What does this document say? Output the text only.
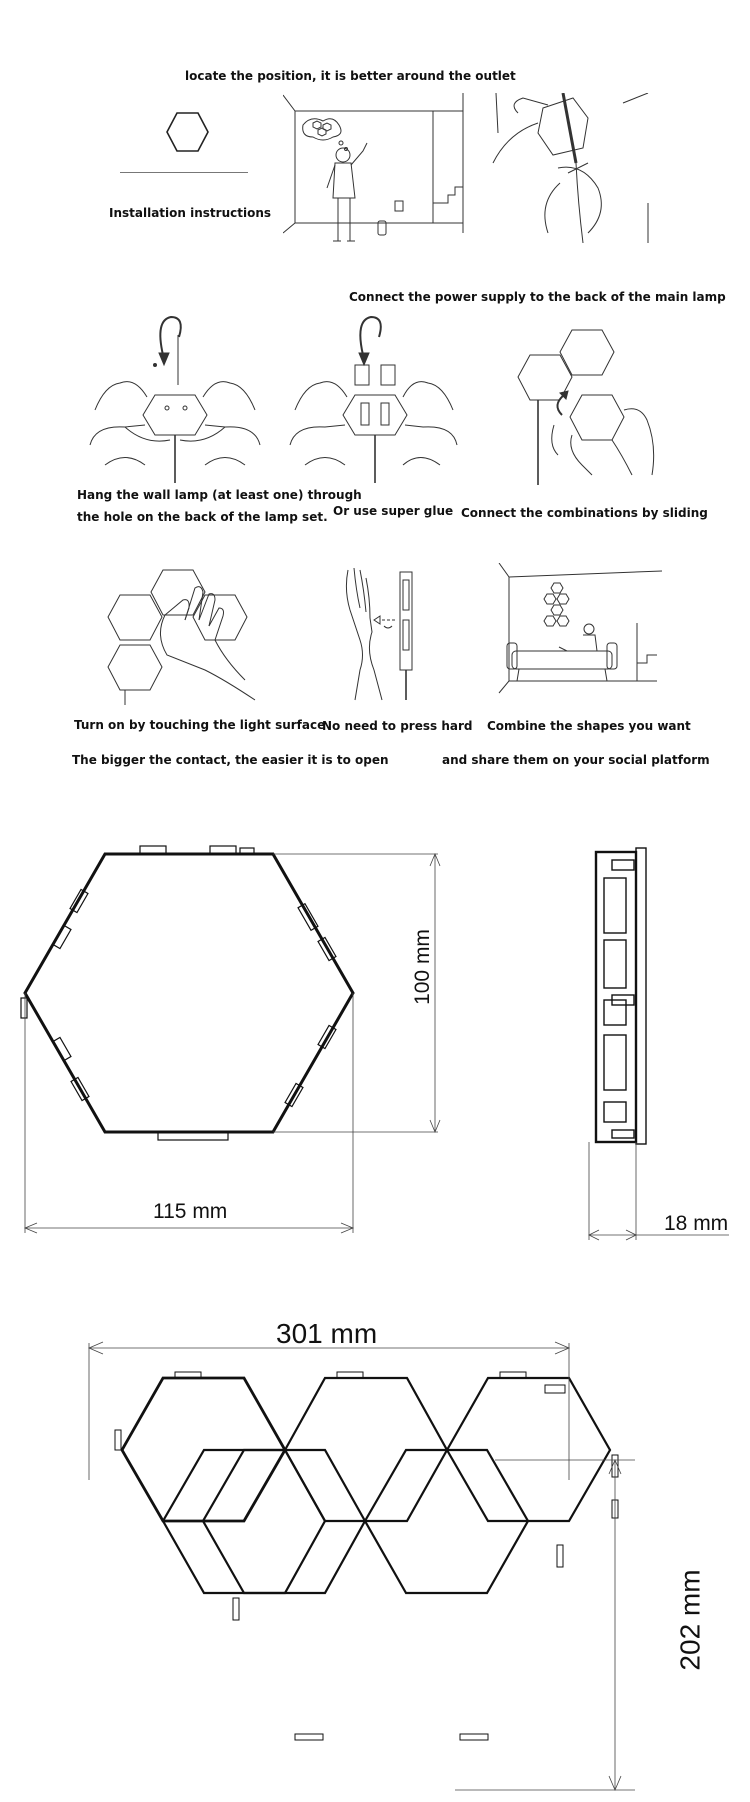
locate the position, it is better around the outlet
Installation instructions
Connect the power supply to the back of the main lamp
Hang the wall lamp (at least one) through
the hole on the back of the lamp set. Or use super glue Connect the combinations by sliding
Turn on by touching the light surface
No need to press hard Combine the shapes you want
The bigger the contact, the easier it is to open	and share them on your social platform
100 mm
115 mm
18 mm
301 mm
202 mm
